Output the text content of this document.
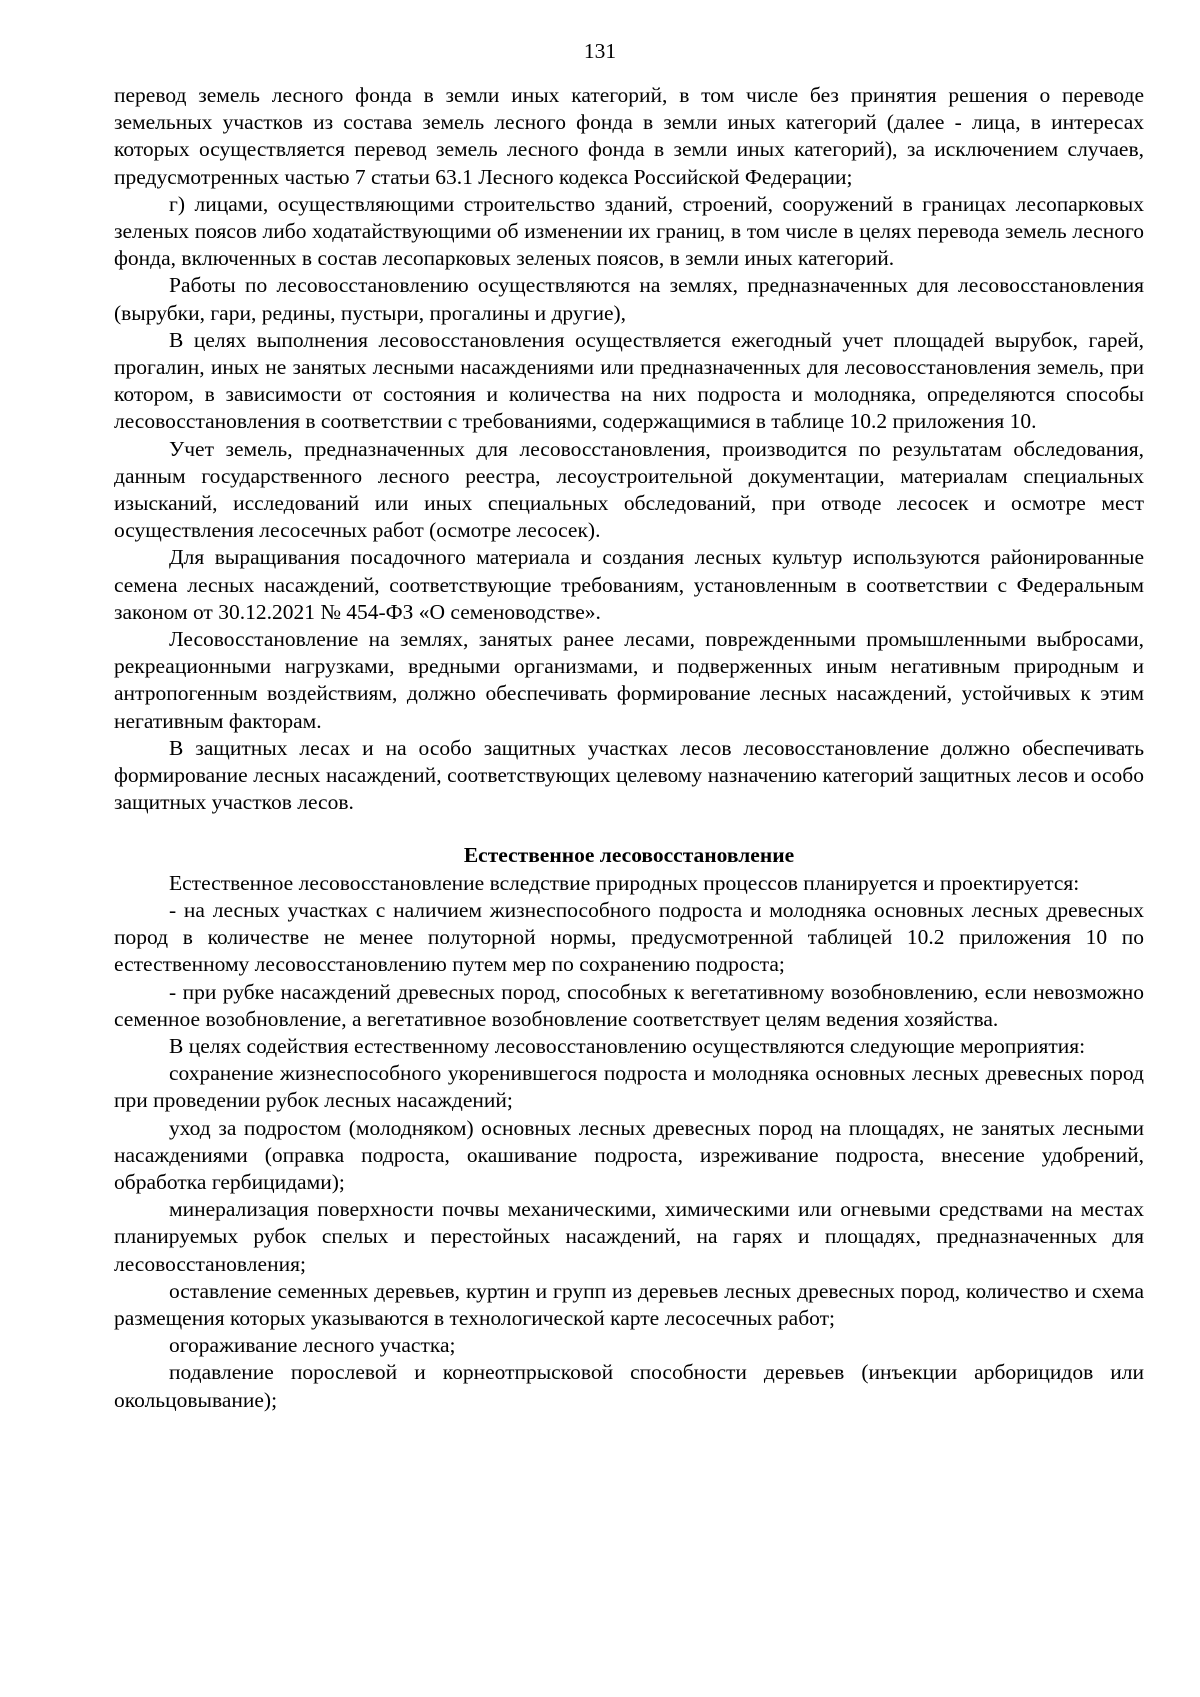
131

перевод земель лесного фонда в земли иных категорий, в том числе без принятия решения о переводе земельных участков из состава земель лесного фонда в земли иных категорий (далее - лица, в интересах которых осуществляется перевод земель лесного фонда в земли иных категорий), за исключением случаев, предусмотренных частью 7 статьи 63.1 Лесного кодекса Российской Федерации;

г) лицами, осуществляющими строительство зданий, строений, сооружений в границах лесопарковых зеленых поясов либо ходатайствующими об изменении их границ, в том числе в целях перевода земель лесного фонда, включенных в состав лесопарковых зеленых поясов, в земли иных категорий.

Работы по лесовосстановлению осуществляются на землях, предназначенных для лесовосстановления (вырубки, гари, редины, пустыри, прогалины и другие),

В целях выполнения лесовосстановления осуществляется ежегодный учет площадей вырубок, гарей, прогалин, иных не занятых лесными насаждениями или предназначенных для лесовосстановления земель, при котором, в зависимости от состояния и количества на них подроста и молодняка, определяются способы лесовосстановления в соответствии с требованиями, содержащимися в таблице 10.2 приложения 10.

Учет земель, предназначенных для лесовосстановления, производится по результатам обследования, данным государственного лесного реестра, лесоустроительной документации, материалам специальных изысканий, исследований или иных специальных обследований, при отводе лесосек и осмотре мест осуществления лесосечных работ (осмотре лесосек).

Для выращивания посадочного материала и создания лесных культур используются районированные семена лесных насаждений, соответствующие требованиям, установленным в соответствии с Федеральным законом от 30.12.2021 № 454-ФЗ «О семеноводстве».

Лесовосстановление на землях, занятых ранее лесами, поврежденными промышленными выбросами, рекреационными нагрузками, вредными организмами, и подверженных иным негативным природным и антропогенным воздействиям, должно обеспечивать формирование лесных насаждений, устойчивых к этим негативным факторам.

В защитных лесах и на особо защитных участках лесов лесовосстановление должно обеспечивать формирование лесных насаждений, соответствующих целевому назначению категорий защитных лесов и особо защитных участков лесов.

Естественное лесовосстановление

Естественное лесовосстановление вследствие природных процессов планируется и проектируется:

- на лесных участках с наличием жизнеспособного подроста и молодняка основных лесных древесных пород в количестве не менее полуторной нормы, предусмотренной таблицей 10.2 приложения 10 по естественному лесовосстановлению путем мер по сохранению подроста;

- при рубке насаждений древесных пород, способных к вегетативному возобновлению, если невозможно семенное возобновление, а вегетативное возобновление соответствует целям ведения хозяйства.

В целях содействия естественному лесовосстановлению осуществляются следующие мероприятия:

сохранение жизнеспособного укоренившегося подроста и молодняка основных лесных древесных пород при проведении рубок лесных насаждений;

уход за подростом (молодняком) основных лесных древесных пород на площадях, не занятых лесными насаждениями (оправка подроста, окашивание подроста, изреживание подроста, внесение удобрений, обработка гербицидами);

минерализация поверхности почвы механическими, химическими или огневыми средствами на местах планируемых рубок спелых и перестойных насаждений, на гарях и площадях, предназначенных для лесовосстановления;

оставление семенных деревьев, куртин и групп из деревьев лесных древесных пород, количество и схема размещения которых указываются в технологической карте лесосечных работ;

огораживание лесного участка;

подавление порослевой и корнеотпрысковой способности деревьев (инъекции арборицидов или окольцовывание);
